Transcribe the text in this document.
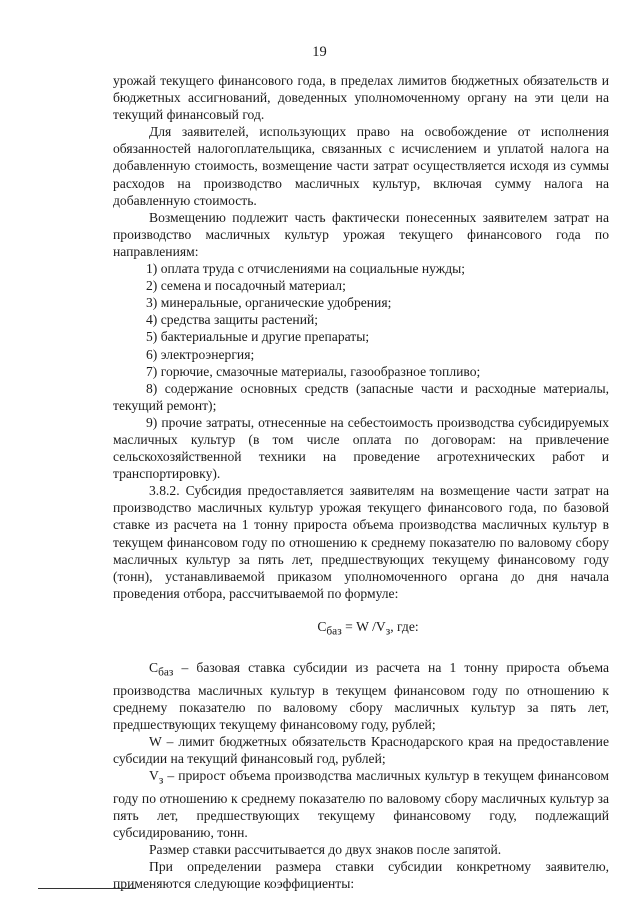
19

урожай текущего финансового года, в пределах лимитов бюджетных обязательств и бюджетных ассигнований, доведенных уполномоченному органу на эти цели на текущий финансовый год.

Для заявителей, использующих право на освобождение от исполнения обязанностей налогоплательщика, связанных с исчислением и уплатой налога на добавленную стоимость, возмещение части затрат осуществляется исходя из суммы расходов на производство масличных культур, включая сумму налога на добавленную стоимость.

Возмещению подлежит часть фактически понесенных заявителем затрат на производство масличных культур урожая текущего финансового года по направлениям:

1) оплата труда с отчислениями на социальные нужды;

2) семена и посадочный материал;

3) минеральные, органические удобрения;

4) средства защиты растений;

5) бактериальные и другие препараты;

6) электроэнергия;

7) горючие, смазочные материалы, газообразное топливо;

8) содержание основных средств (запасные части и расходные материалы, текущий ремонт);

9) прочие затраты, отнесенные на себестоимость производства субсидируемых масличных культур (в том числе оплата по договорам: на привлечение сельскохозяйственной техники на проведение агротехнических работ и транспортировку).

3.8.2. Субсидия предоставляется заявителям на возмещение части затрат на производство масличных культур урожая текущего финансового года, по базовой ставке из расчета на 1 тонну прироста объема производства масличных культур в текущем финансовом году по отношению к среднему показателю по валовому сбору масличных культур за пять лет, предшествующих текущему финансовому году (тонн), устанавливаемой приказом уполномоченного органа до дня начала проведения отбора, рассчитываемой по формуле:

$С_{баз} = W$ $/V_з$, где:

$С_{баз}$ – базовая ставка субсидии из расчета на 1 тонну прироста объема производства масличных культур в текущем финансовом году по отношению к среднему показателю по валовому сбору масличных культур за пять лет, предшествующих текущему финансовому году, рублей;

W – лимит бюджетных обязательств Краснодарского края на предоставление субсидии на текущий финансовый год, рублей;

$V_з$ – прирост объема производства масличных культур в текущем финансовом году по отношению к среднему показателю по валовому сбору масличных культур за пять лет, предшествующих текущему финансовому году, подлежащий субсидированию, тонн.

Размер ставки рассчитывается до двух знаков после запятой.

При определении размера ставки субсидии конкретному заявителю, применяются следующие коэффициенты:
